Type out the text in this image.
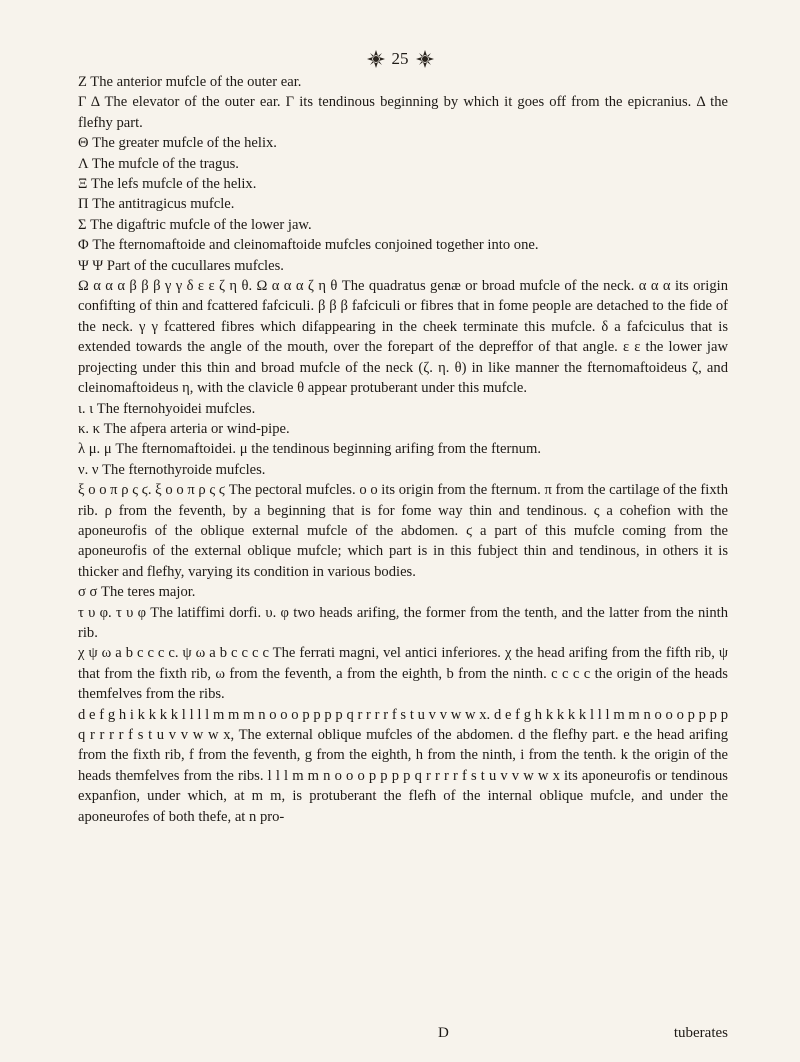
25

Z The anterior mufcle of the outer ear.

Γ Δ The elevator of the outer ear. Γ its tendinous beginning by which it goes off from the epicranius. Δ the flefhy part.

Θ The greater mufcle of the helix.

Λ The mufcle of the tragus.

Ξ The lefs mufcle of the helix.

Π The antitragicus mufcle.

Σ The digaftric mufcle of the lower jaw.

Φ The fternomaftoide and cleinomaftoide mufcles conjoined together into one.

Ψ Ψ Part of the cucullares mufcles.

Ω α α α β β β γ γ δ ε ε ζ η θ. Ω α α α ζ η θ The quadratus genæ or broad mufcle of the neck. α α α its origin confifting of thin and fcattered fafciculi. β β β fafciculi or fibres that in fome people are detached to the fide of the neck. γ γ fcattered fibres which difappearing in the cheek terminate this mufcle. δ a fafciculus that is extended towards the angle of the mouth, over the forepart of the depreffor of that angle. ε ε the lower jaw projecting under this thin and broad mufcle of the neck (ζ. η. θ) in like manner the fternomaftoideus ζ, and cleinomaftoideus η, with the clavicle θ appear protuberant under this mufcle.

ι. ι The fternohyoidei mufcles.

κ. κ The afpera arteria or wind-pipe.

λ μ. μ The fternomaftoidei. μ the tendinous beginning arifing from the fternum.

ν. ν The fternothyroide mufcles.

ξ ο ο π ρ ς ϛ. ξ ο ο π ρ ς ϛ The pectoral mufcles. ο ο its origin from the fternum. π from the cartilage of the fixth rib. ρ from the feventh, by a beginning that is for fome way thin and tendinous. ς a cohefion with the aponeurofis of the oblique external mufcle of the abdomen. ϛ a part of this mufcle coming from the aponeurofis of the external oblique mufcle; which part is in this fubject thin and tendinous, in others it is thicker and flefhy, varying its condition in various bodies.

σ σ The teres major.

τ υ φ. τ υ φ The latiffimi dorfi. υ. φ two heads arifing, the former from the tenth, and the latter from the ninth rib.

χ ψ ω a b c c c c. ψ ω a b c c c c The ferrati magni, vel antici inferiores. χ the head arifing from the fifth rib, ψ that from the fixth rib, ω from the feventh, a from the eighth, b from the ninth. c c c c the origin of the heads themfelves from the ribs.

d e f g h i k k k k l l l l m m m n o o o p p p p q r r r r f s t u v v w w x. d e f g h k k k k l l l m m n o o o p p p p q r r r r f s t u v v w w x, The external oblique mufcles of the abdomen. d the flefhy part. e the head arifing from the fixth rib, f from the feventh, g from the eighth, h from the ninth, i from the tenth. k the origin of the heads themfelves from the ribs. l l l m m n o o o p p p p q r r r r f s t u v v w w x its aponeurofis or tendinous expanfion, under which, at m m, is protuberant the flefh of the internal oblique mufcle, and under the aponeurofes of both thefe, at n pro-

D	tuberates
